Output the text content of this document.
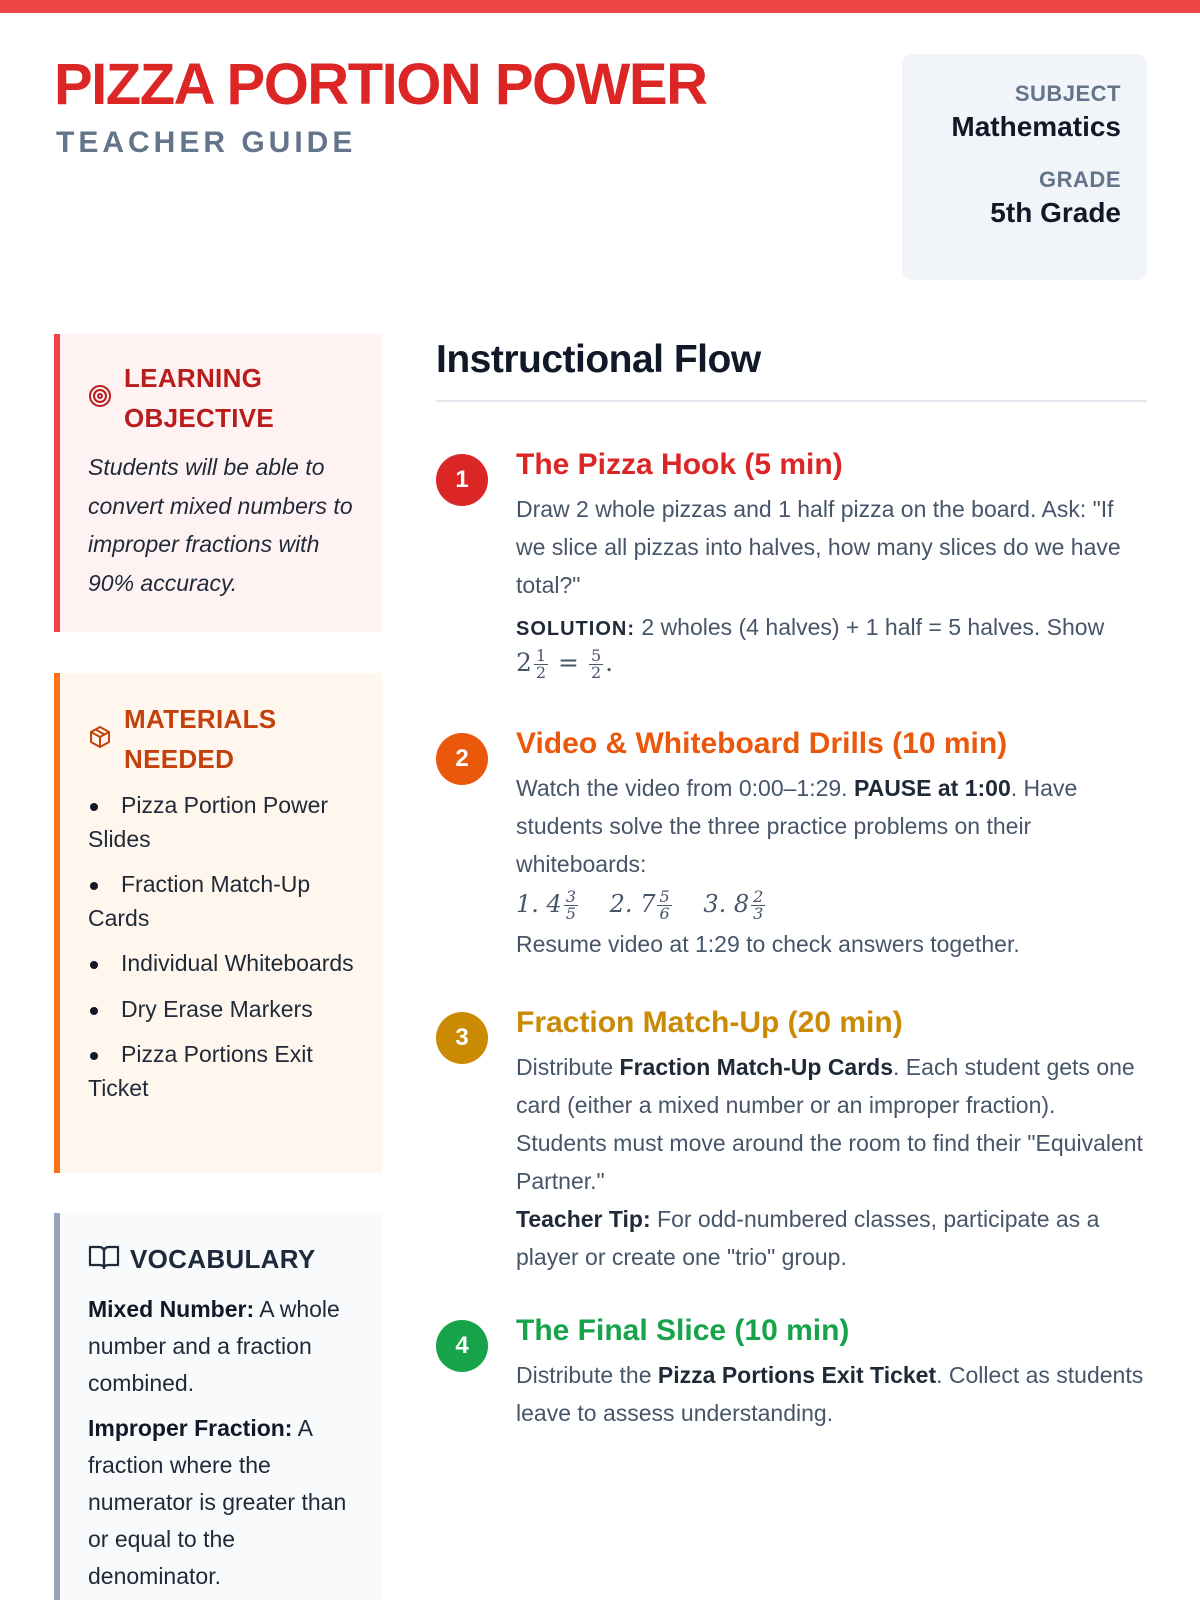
PIZZA PORTION POWER
TEACHER GUIDE
SUBJECT
Mathematics
GRADE
5th Grade
LEARNING
OBJECTIVE

Students will be able to convert mixed numbers to improper fractions with 90% accuracy.

MATERIALS
NEEDED
Pizza Portion Power Slides
Fraction Match-Up Cards
Individual Whiteboards
Dry Erase Markers
Pizza Portions Exit Ticket
VOCABULARY

Mixed Number: A whole number and a fraction combined.

Improper Fraction: A fraction where the numerator is greater than or equal to the denominator.

Instructional Flow
1	The Pizza Hook (5 min)

Draw 2 whole pizzas and 1 half pizza on the board. Ask: "If we slice all pizzas into halves, how many slices do we have total?"

SOLUTION: 2 wholes (4 halves) + 1 half = 5 halves. Show

$2 \frac{1}{2} = \frac{5}{2}$ .
2	Video & Whiteboard Drills (10 min)

Watch the video from 0:00–1:29. PAUSE at 1:00. Have students solve the three practice problems on their whiteboards:

1. $4 \frac{3}{5} 2$. $7 \frac{5}{6} 3$. $8 \frac{2}{3}$

Resume video at 1:29 to check answers together.

3	Fraction Match-Up (20 min)

Distribute Fraction Match-Up Cards. Each student gets one card (either a mixed number or an improper fraction). Students must move around the room to find their "Equivalent Partner."

Teacher Tip: For odd-numbered classes, participate as a player or create one "trio" group.

4	The Final Slice (10 min)

Distribute the Pizza Portions Exit Ticket. Collect as students leave to assess understanding.
